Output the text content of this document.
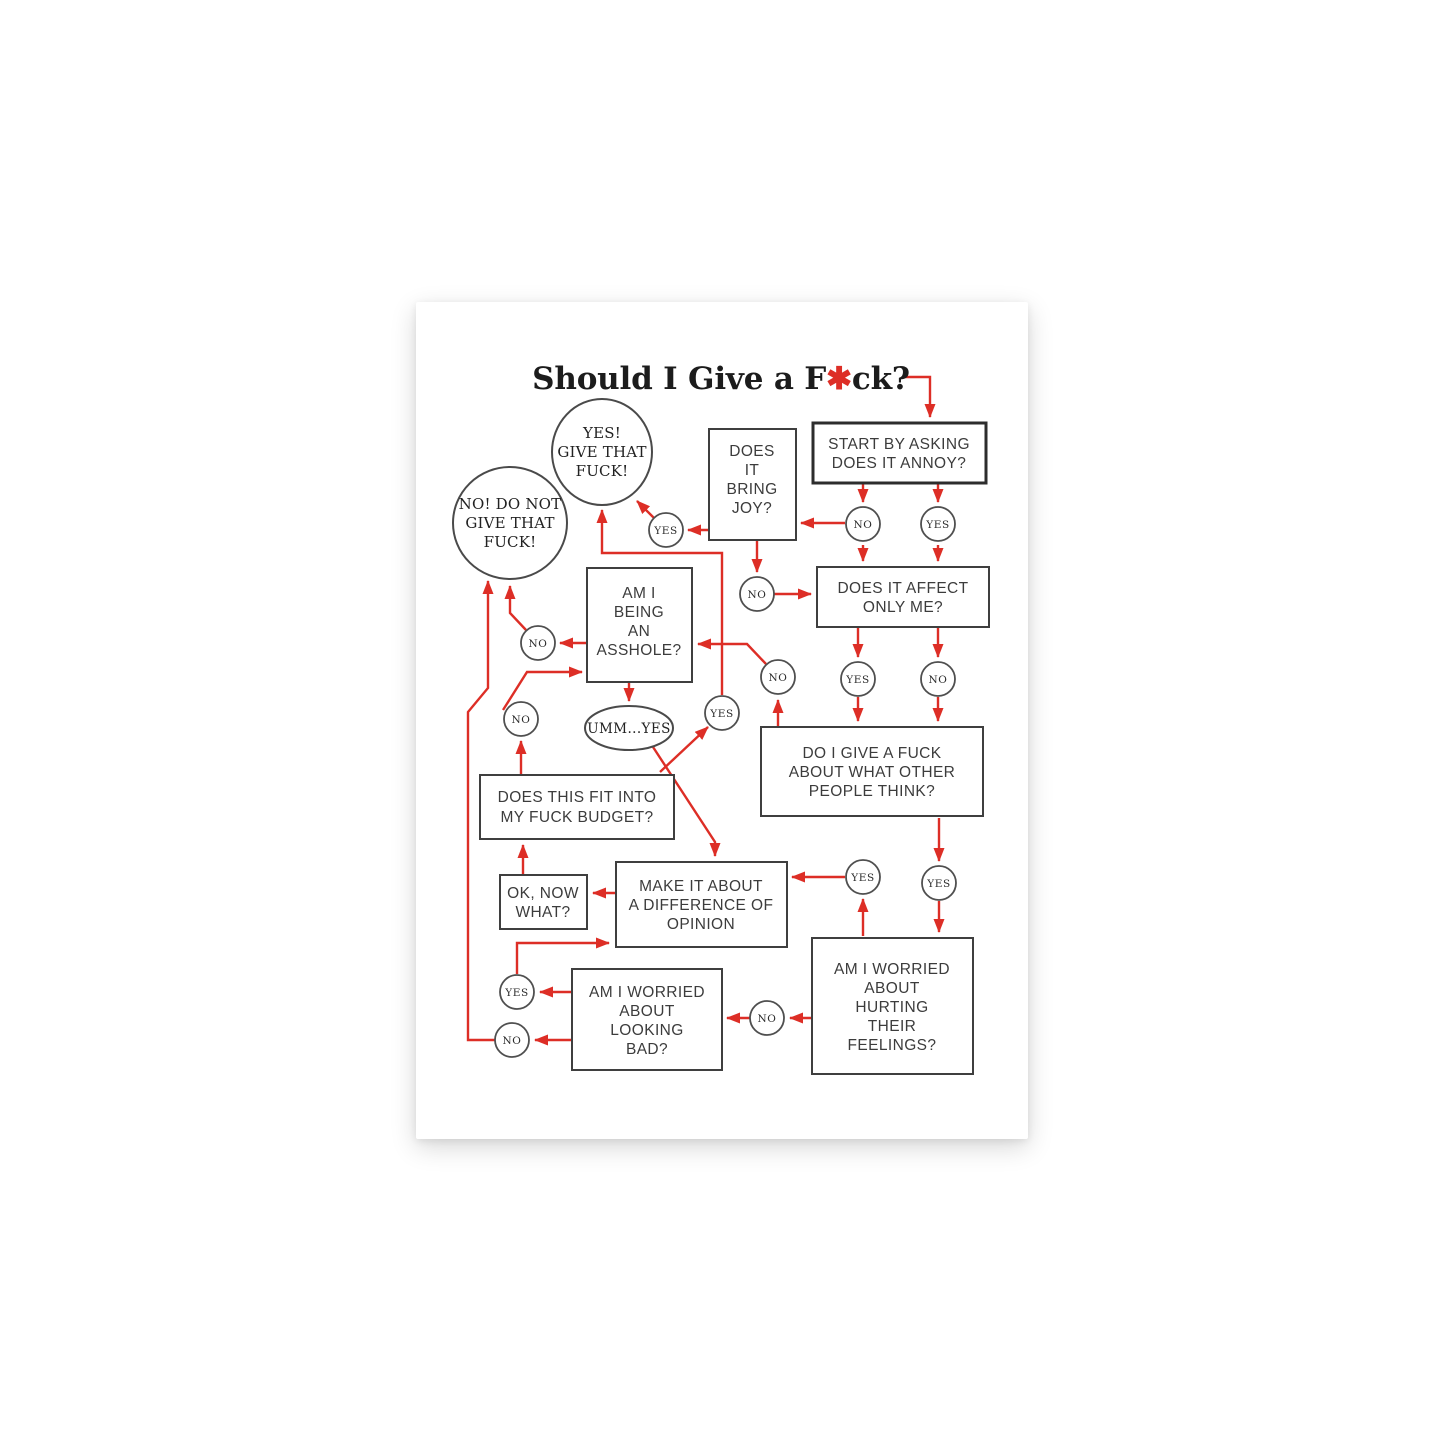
Should I Give a F✱ck?
YES!
GIVE THAT
FUCK!
NO! DO NOT
GIVE THAT
FUCK!
UMM...YES
START BY ASKING
DOES IT ANNOY?
DOES
IT
BRING
JOY?
DOES IT AFFECT
ONLY ME?
AM I
BEING
AN
ASSHOLE?
DOES THIS FIT INTO
MY FUCK BUDGET?
DO I GIVE A FUCK
ABOUT WHAT OTHER
PEOPLE THINK?
MAKE IT ABOUT
A DIFFERENCE OF
OPINION
OK, NOW
WHAT?
AM I WORRIED
ABOUT
LOOKING
BAD?
AM I WORRIED
ABOUT
HURTING
THEIR
FEELINGS?
YES	NO	YES
NO
NO
NO	YES	NO
NO	YES
YES	YES
YES
NO
NO
